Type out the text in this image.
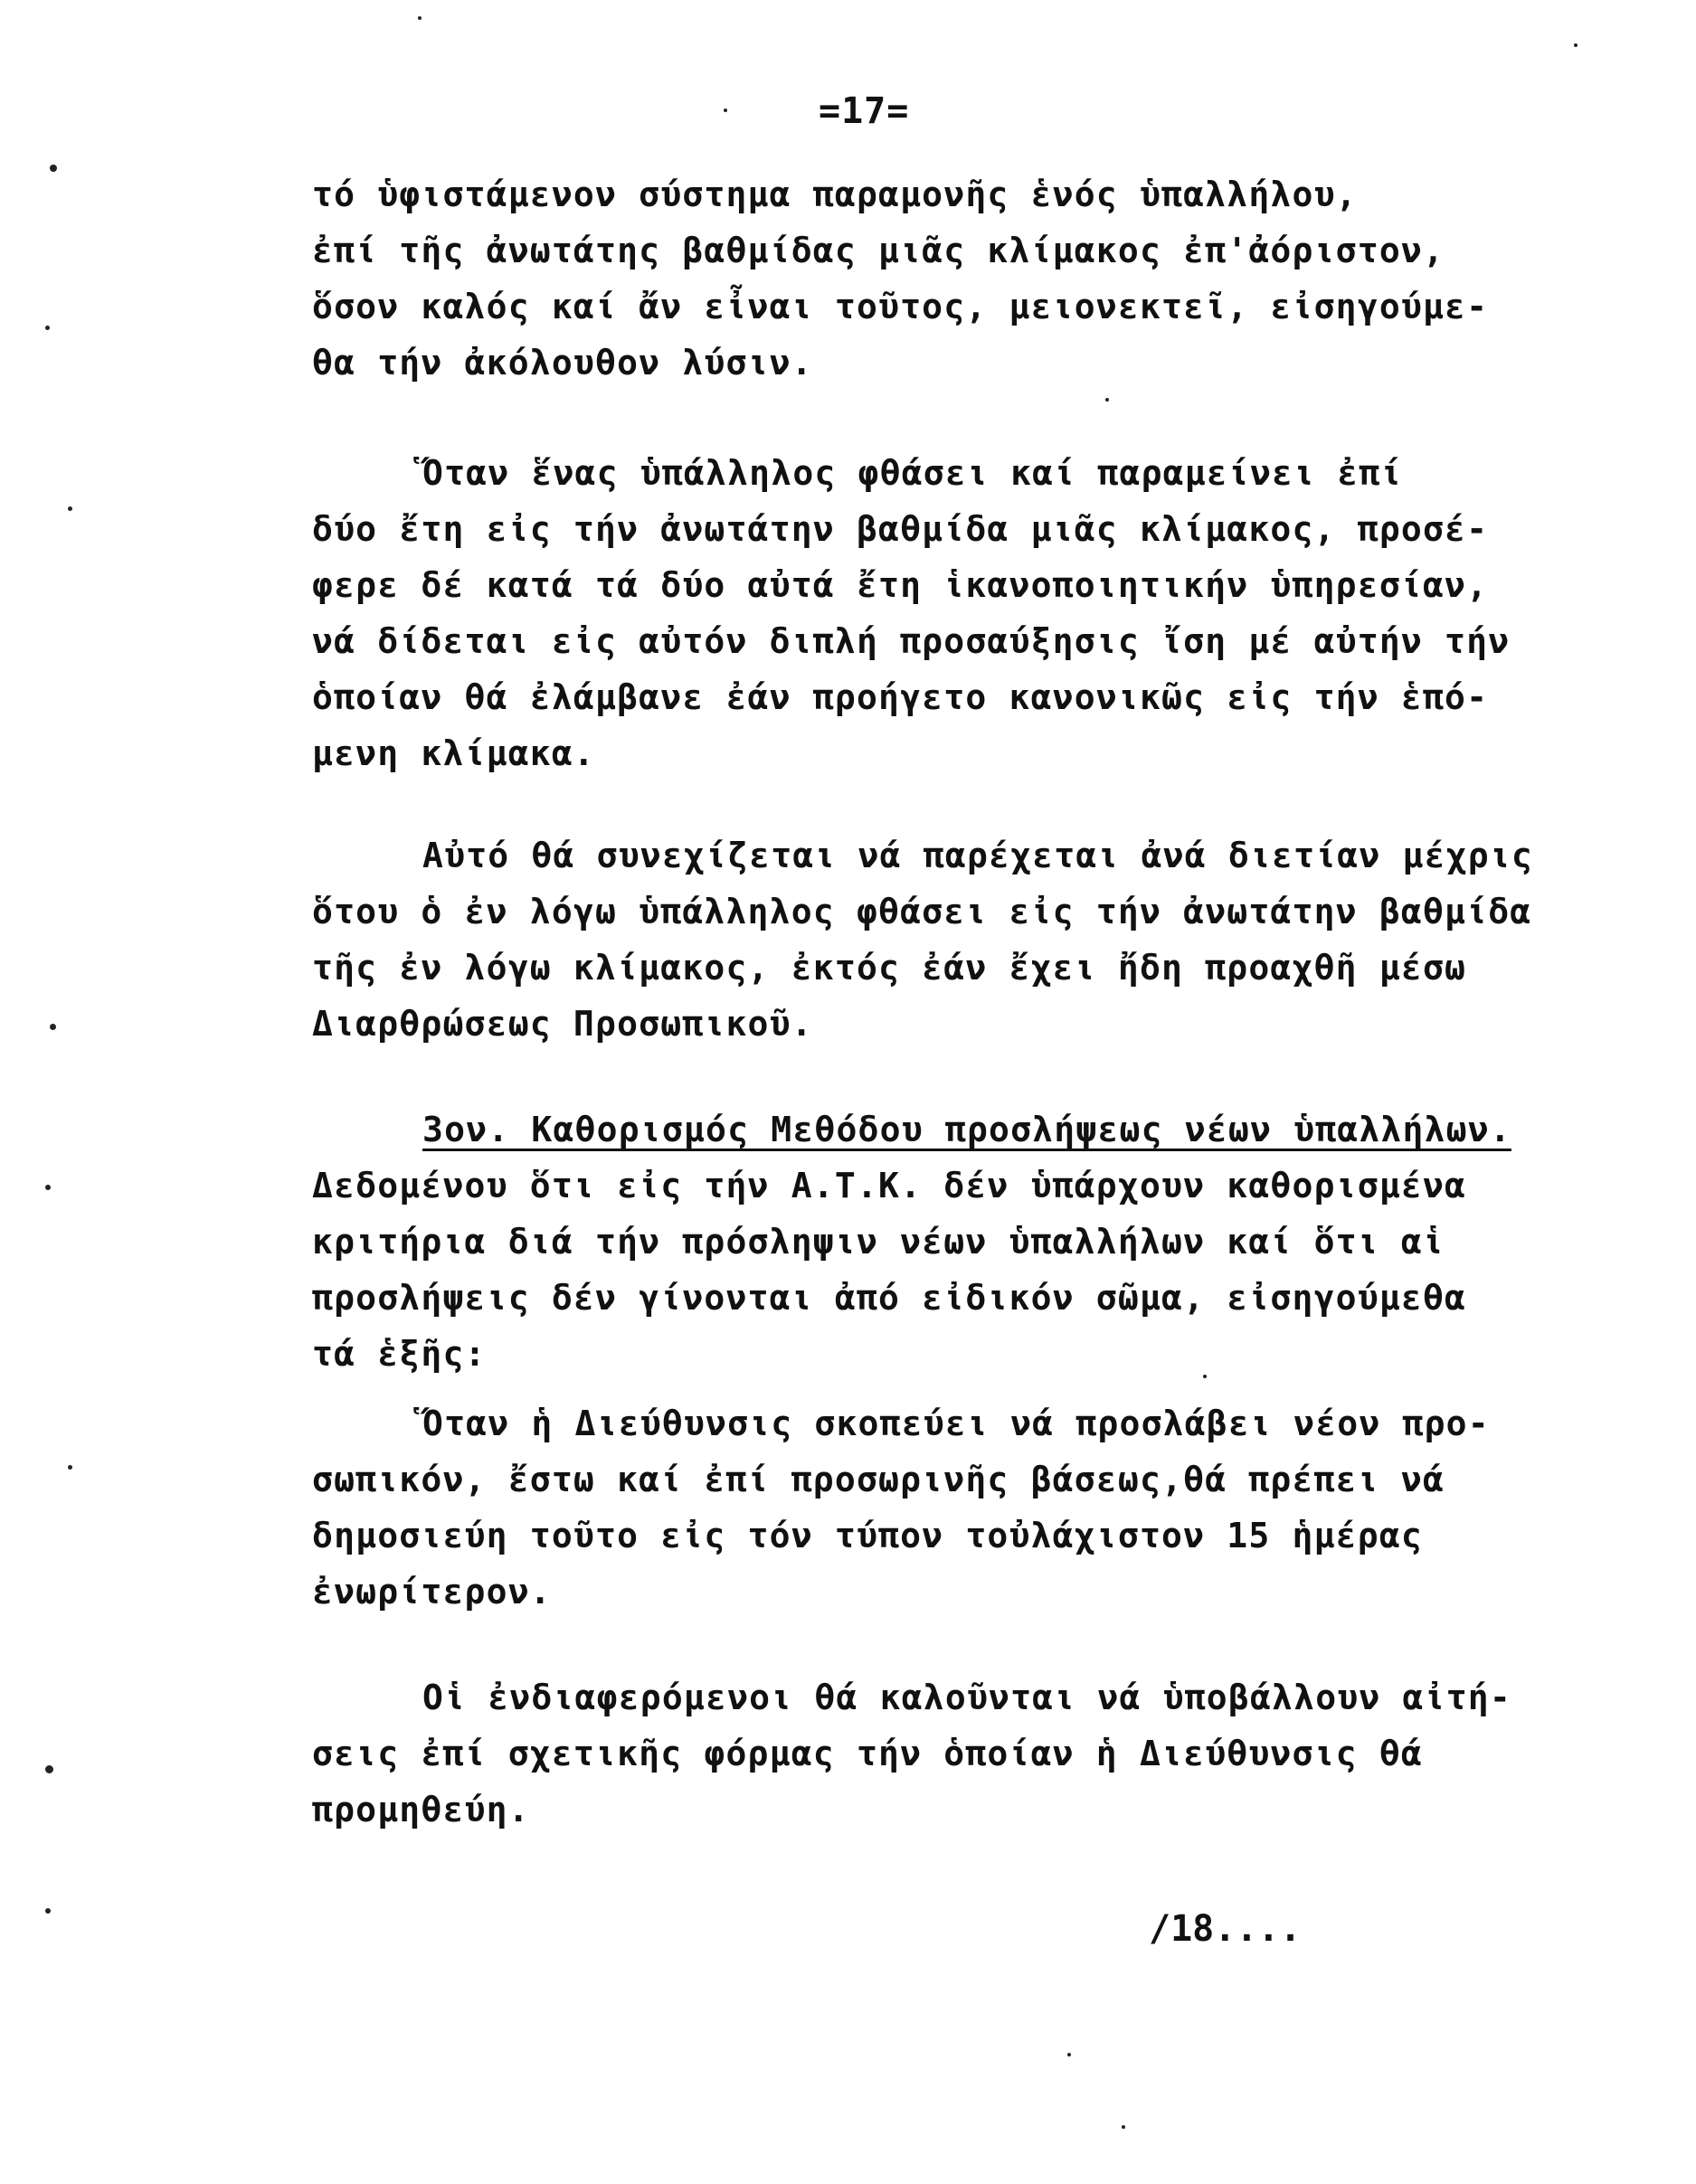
=17=
τό ὑφιστάμενον σύστημα παραμονῆς ἑνός ὑπαλλήλου,
ἐπί τῆς ἀνωτάτης βαθμίδας μιᾶς κλίμακος ἐπ'ἀόριστον,
ὅσον καλός καί ἄν εἶναι τοῦτος, μειονεκτεῖ, εἰσηγούμε-
θα τήν ἀκόλουθον λύσιν.
Ὅταν ἕνας ὑπάλληλος φθάσει καί παραμείνει ἐπί
δύο ἔτη εἰς τήν ἀνωτάτην βαθμίδα μιᾶς κλίμακος, προσέ-
φερε δέ κατά τά δύο αὐτά ἔτη ἱκανοποιητικήν ὑπηρεσίαν,
νά δίδεται εἰς αὐτόν διπλή προσαύξησις ἴση μέ αὐτήν τήν
ὁποίαν θά ἐλάμβανε ἐάν προήγετο κανονικῶς εἰς τήν ἑπό-
μενη κλίμακα.
Αὐτό θά συνεχίζεται νά παρέχεται ἀνά διετίαν μέχρις
ὅτου ὁ ἐν λόγω ὑπάλληλος φθάσει εἰς τήν ἀνωτάτην βαθμίδα
τῆς ἐν λόγω κλίμακος, ἐκτός ἐάν ἔχει ἤδη προαχθῆ μέσω
Διαρθρώσεως Προσωπικοῦ.
3ον. Καθορισμός Μεθόδου προσλήψεως νέων ὑπαλλήλων.
Δεδομένου ὅτι εἰς τήν Α.Τ.Κ. δέν ὑπάρχουν καθορισμένα
κριτήρια διά τήν πρόσληψιν νέων ὑπαλλήλων καί ὅτι αἱ
προσλήψεις δέν γίνονται ἀπό εἰδικόν σῶμα, εἰσηγούμεθα
τά ἑξῆς:
Ὅταν ἡ Διεύθυνσις σκοπεύει νά προσλάβει νέον προ-
σωπικόν, ἔστω καί ἐπί προσωρινῆς βάσεως,θά πρέπει νά
δημοσιεύη τοῦτο εἰς τόν τύπον τοὐλάχιστον 15 ἡμέρας
ἐνωρίτερον.
Οἱ ἐνδιαφερόμενοι θά καλοῦνται νά ὑποβάλλουν αἰτή-
σεις ἐπί σχετικῆς φόρμας τήν ὁποίαν ἡ Διεύθυνσις θά
προμηθεύη.
/18....
